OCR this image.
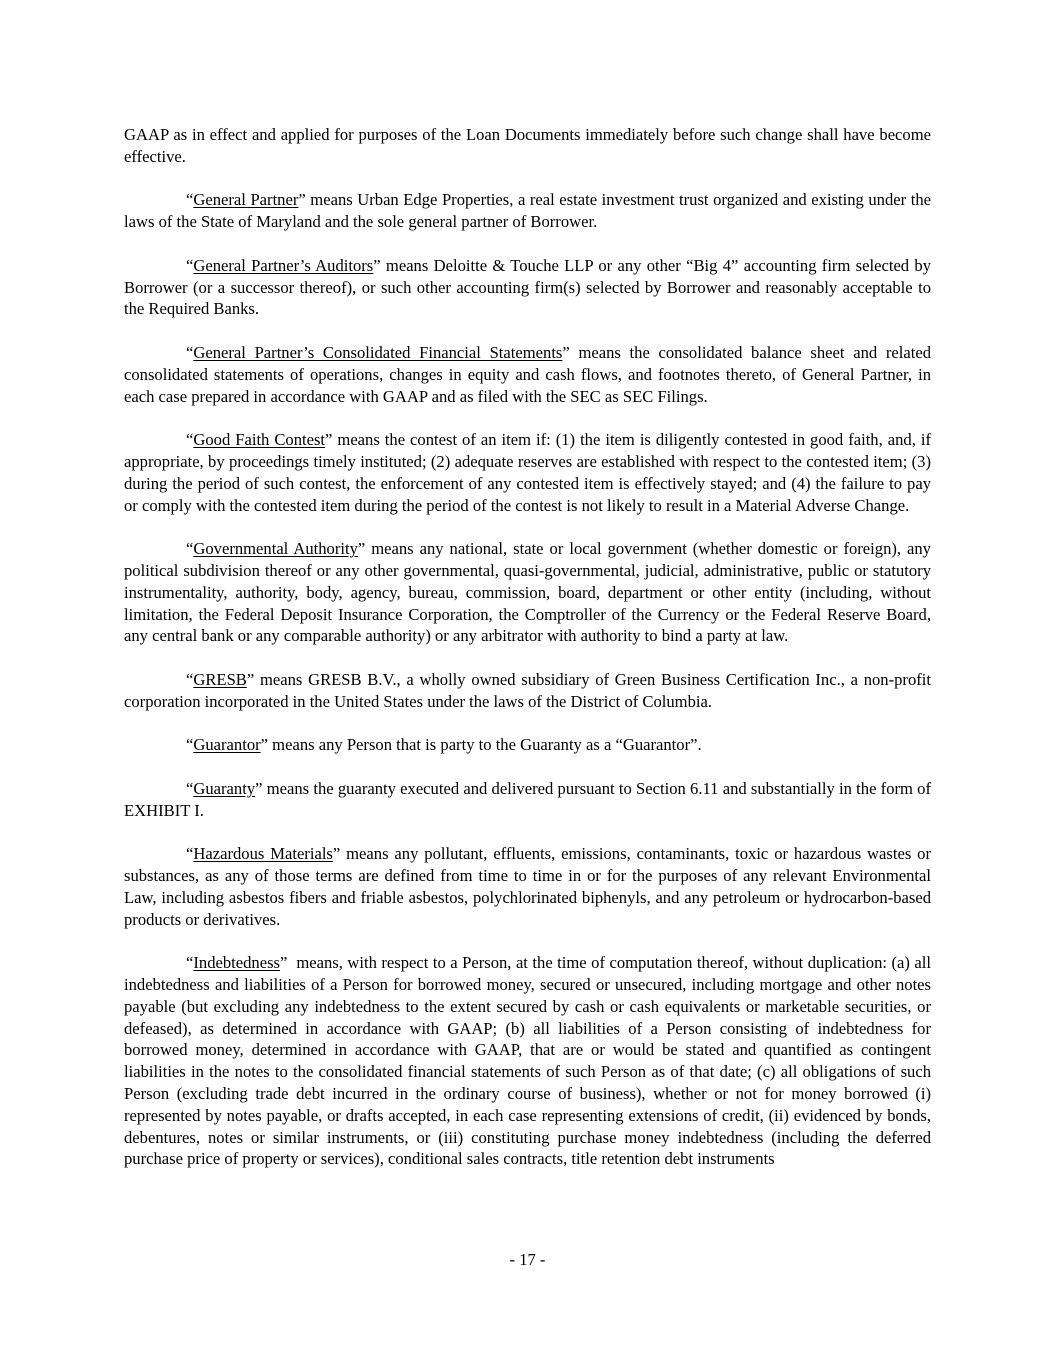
GAAP as in effect and applied for purposes of the Loan Documents immediately before such change shall have become effective.

“General Partner” means Urban Edge Properties, a real estate investment trust organized and existing under the laws of the State of Maryland and the sole general partner of Borrower.

“General Partner’s Auditors” means Deloitte & Touche LLP or any other “Big 4” accounting firm selected by Borrower (or a successor thereof), or such other accounting firm(s) selected by Borrower and reasonably acceptable to the Required Banks.

“General Partner’s Consolidated Financial Statements” means the consolidated balance sheet and related consolidated statements of operations, changes in equity and cash flows, and footnotes thereto, of General Partner, in each case prepared in accordance with GAAP and as filed with the SEC as SEC Filings.

“Good Faith Contest” means the contest of an item if: (1) the item is diligently contested in good faith, and, if appropriate, by proceedings timely instituted; (2) adequate reserves are established with respect to the contested item; (3) during the period of such contest, the enforcement of any contested item is effectively stayed; and (4) the failure to pay or comply with the contested item during the period of the contest is not likely to result in a Material Adverse Change.

“Governmental Authority” means any national, state or local government (whether domestic or foreign), any political subdivision thereof or any other governmental, quasi-governmental, judicial, administrative, public or statutory instrumentality, authority, body, agency, bureau, commission, board, department or other entity (including, without limitation, the Federal Deposit Insurance Corporation, the Comptroller of the Currency or the Federal Reserve Board, any central bank or any comparable authority) or any arbitrator with authority to bind a party at law.

“GRESB” means GRESB B.V., a wholly owned subsidiary of Green Business Certification Inc., a non-profit corporation incorporated in the United States under the laws of the District of Columbia.

“Guarantor” means any Person that is party to the Guaranty as a “Guarantor”.

“Guaranty” means the guaranty executed and delivered pursuant to Section 6.11 and substantially in the form of EXHIBIT I.

“Hazardous Materials” means any pollutant, effluents, emissions, contaminants, toxic or hazardous wastes or substances, as any of those terms are defined from time to time in or for the purposes of any relevant Environmental Law, including asbestos fibers and friable asbestos, polychlorinated biphenyls, and any petroleum or hydrocarbon-based products or derivatives.

“Indebtedness”  means, with respect to a Person, at the time of computation thereof, without duplication: (a) all indebtedness and liabilities of a Person for borrowed money, secured or unsecured, including mortgage and other notes payable (but excluding any indebtedness to the extent secured by cash or cash equivalents or marketable securities, or defeased), as determined in accordance with GAAP; (b) all liabilities of a Person consisting of indebtedness for borrowed money, determined in accordance with GAAP, that are or would be stated and quantified as contingent liabilities in the notes to the consolidated financial statements of such Person as of that date; (c) all obligations of such Person (excluding trade debt incurred in the ordinary course of business), whether or not for money borrowed (i) represented by notes payable, or drafts accepted, in each case representing extensions of credit, (ii) evidenced by bonds, debentures, notes or similar instruments, or (iii) constituting purchase money indebtedness (including the deferred purchase price of property or services), conditional sales contracts, title retention debt instruments

- 17 -
